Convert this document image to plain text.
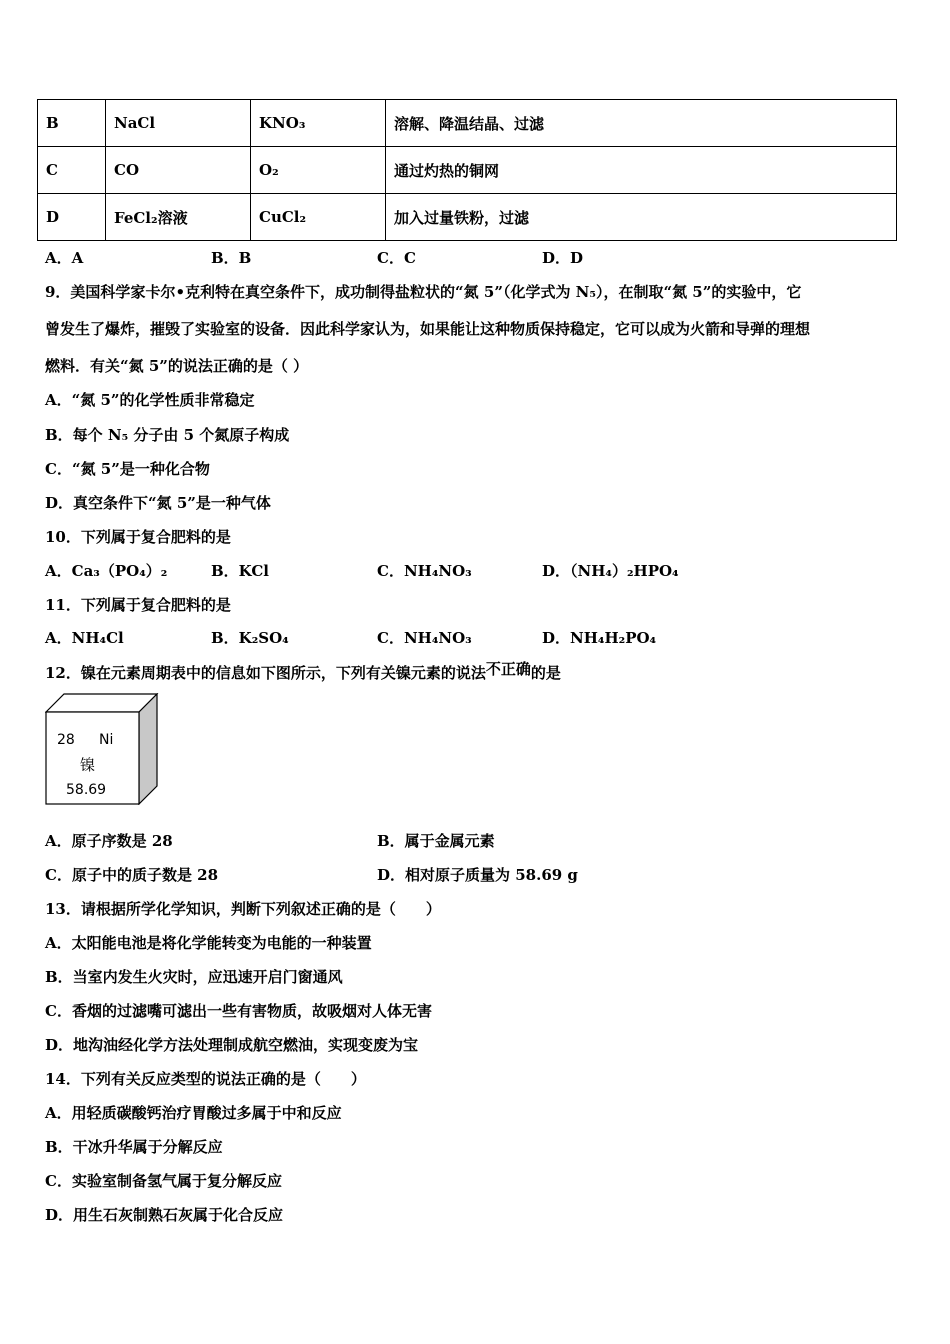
B	NaCl	KNO₃	溶解、降温结晶、过滤
C	CO	O₂	通过灼热的铜网
D	FeCl₂溶液	CuCl₂	加入过量铁粉，过滤
A．A	B．B	C．C	D．D
9．美国科学家卡尔•克利特在真空条件下，成功制得盐粒状的“氮 5”（化学式为 N₅），在制取“氮 5”的实验中，它
曾发生了爆炸，摧毁了实验室的设备．因此科学家认为，如果能让这种物质保持稳定，它可以成为火箭和导弹的理想
燃料．有关“氮 5”的说法正确的是（ ）
A．“氮 5”的化学性质非常稳定
B．每个 N₅ 分子由 5 个氮原子构成
C．“氮 5”是一种化合物
D．真空条件下“氮 5”是一种气体
10．下列属于复合肥料的是
A．Ca₃（PO₄）₂	B．KCl	C．NH₄NO₃	D．（NH₄）₂HPO₄
11．下列属于复合肥料的是
A．NH₄Cl	B．K₂SO₄	C．NH₄NO₃	D．NH₄H₂PO₄
12．镍在元素周期表中的信息如下图所示，下列有关镍元素的说法不正确的是
28 Ni
镍
58.69
A．原子序数是 28	B．属于金属元素
C．原子中的质子数是 28	D．相对原子质量为 58.69 g
13．请根据所学化学知识，判断下列叙述正确的是（　　）
A．太阳能电池是将化学能转变为电能的一种装置
B．当室内发生火灾时，应迅速开启门窗通风
C．香烟的过滤嘴可滤出一些有害物质，故吸烟对人体无害
D．地沟油经化学方法处理制成航空燃油，实现变废为宝
14．下列有关反应类型的说法正确的是（　　）
A．用轻质碳酸钙治疗胃酸过多属于中和反应
B．干冰升华属于分解反应
C．实验室制备氢气属于复分解反应
D．用生石灰制熟石灰属于化合反应
